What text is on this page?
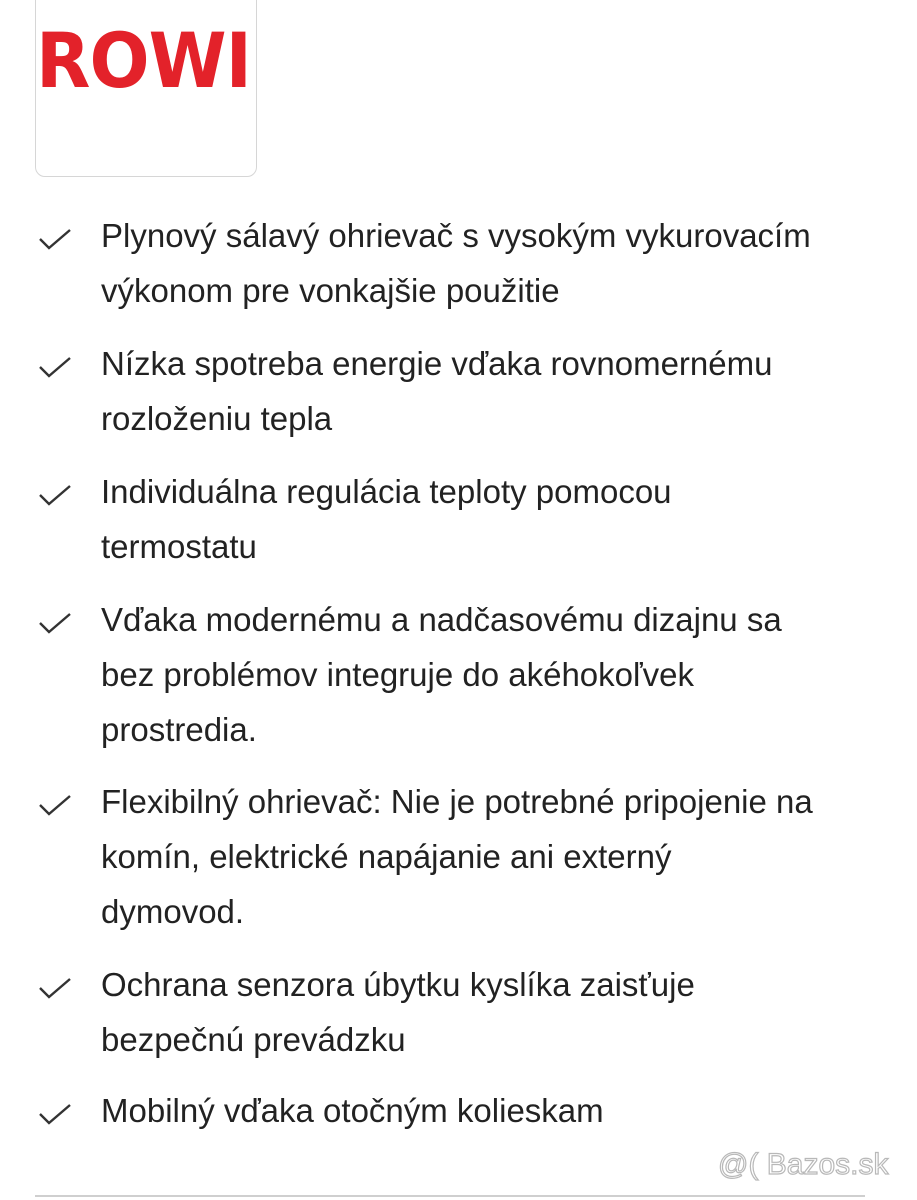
ROWI
Plynový sálavý ohrievač s vysokým vykurovacím
výkonom pre vonkajšie použitie
Nízka spotreba energie vďaka rovnomernému
rozloženiu tepla
Individuálna regulácia teploty pomocou
termostatu
Vďaka modernému a nadčasovému dizajnu sa
bez problémov integruje do akéhokoľvek
prostredia.
Flexibilný ohrievač: Nie je potrebné pripojenie na
komín, elektrické napájanie ani externý
dymovod.
Ochrana senzora úbytku kyslíka zaisťuje
bezpečnú prevádzku
Mobilný vďaka otočným kolieskam
@( Bazos.sk
